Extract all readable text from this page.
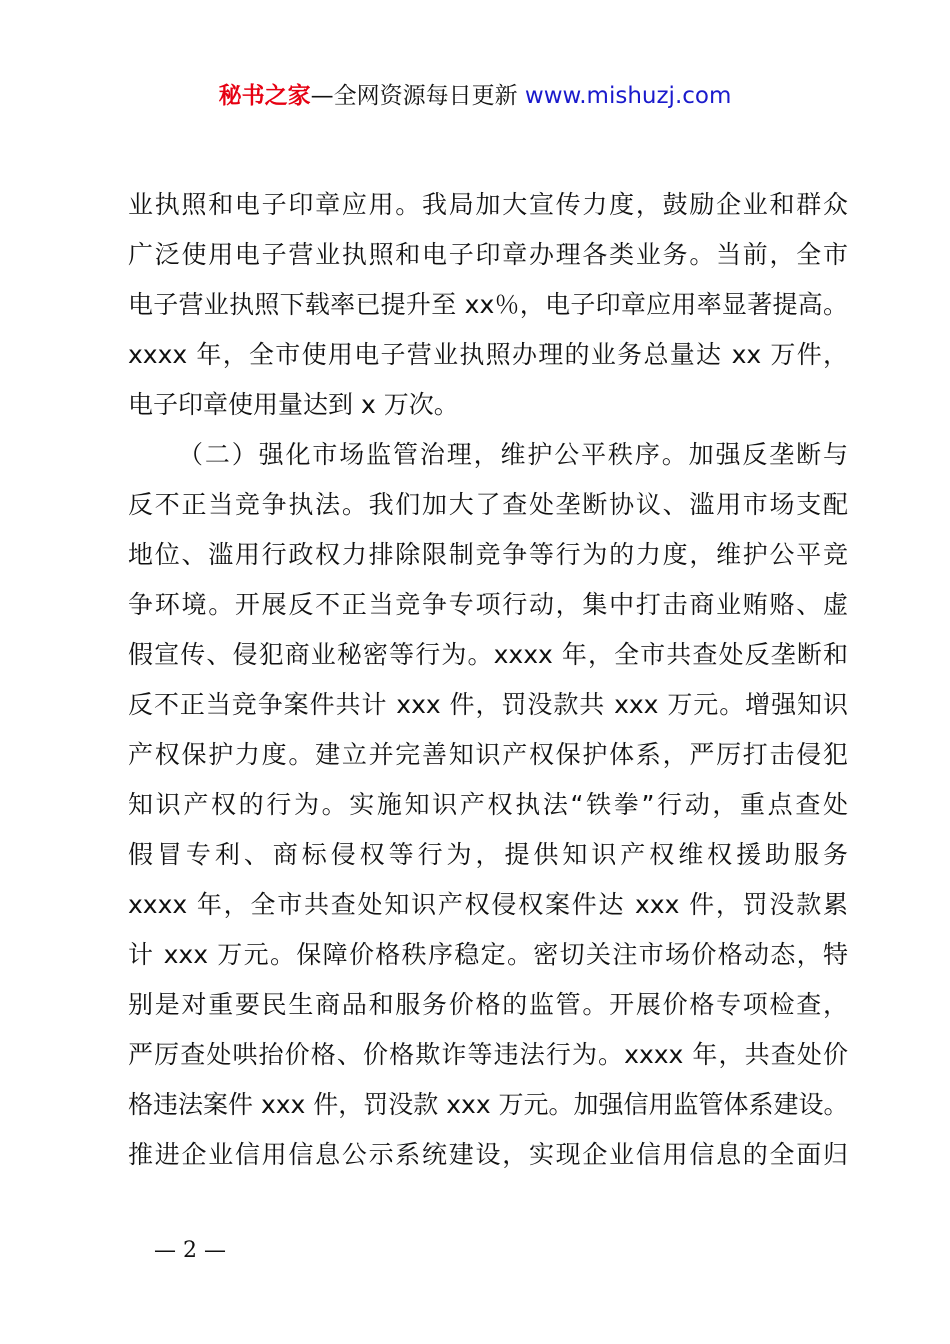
秘书之家—全网资源每日更新 www.mishuzj.com
业执照和电子印章应用。我局加大宣传力度，鼓励企业和群众
广泛使用电子营业执照和电子印章办理各类业务。当前，全市
电子营业执照下载率已提升至 xx％，电子印章应用率显著提高。
xxxx 年，全市使用电子营业执照办理的业务总量达 xx 万件，
电子印章使用量达到 x 万次。
（二）强化市场监管治理，维护公平秩序。加强反垄断与
反不正当竞争执法。我们加大了查处垄断协议、滥用市场支配
地位、滥用行政权力排除限制竞争等行为的力度，维护公平竞
争环境。开展反不正当竞争专项行动，集中打击商业贿赂、虚
假宣传、侵犯商业秘密等行为。xxxx 年，全市共查处反垄断和
反不正当竞争案件共计 xxx 件，罚没款共 xxx 万元。增强知识
产权保护力度。建立并完善知识产权保护体系，严厉打击侵犯
知识产权的行为。实施知识产权执法“铁拳”行动，重点查处
假冒专利、商标侵权等行为，提供知识产权维权援助服务
xxxx 年，全市共查处知识产权侵权案件达 xxx 件，罚没款累
计 xxx 万元。保障价格秩序稳定。密切关注市场价格动态，特
别是对重要民生商品和服务价格的监管。开展价格专项检查，
严厉查处哄抬价格、价格欺诈等违法行为。xxxx 年，共查处价
格违法案件 xxx 件，罚没款 xxx 万元。加强信用监管体系建设。
推进企业信用信息公示系统建设，实现企业信用信息的全面归
— 2 —
